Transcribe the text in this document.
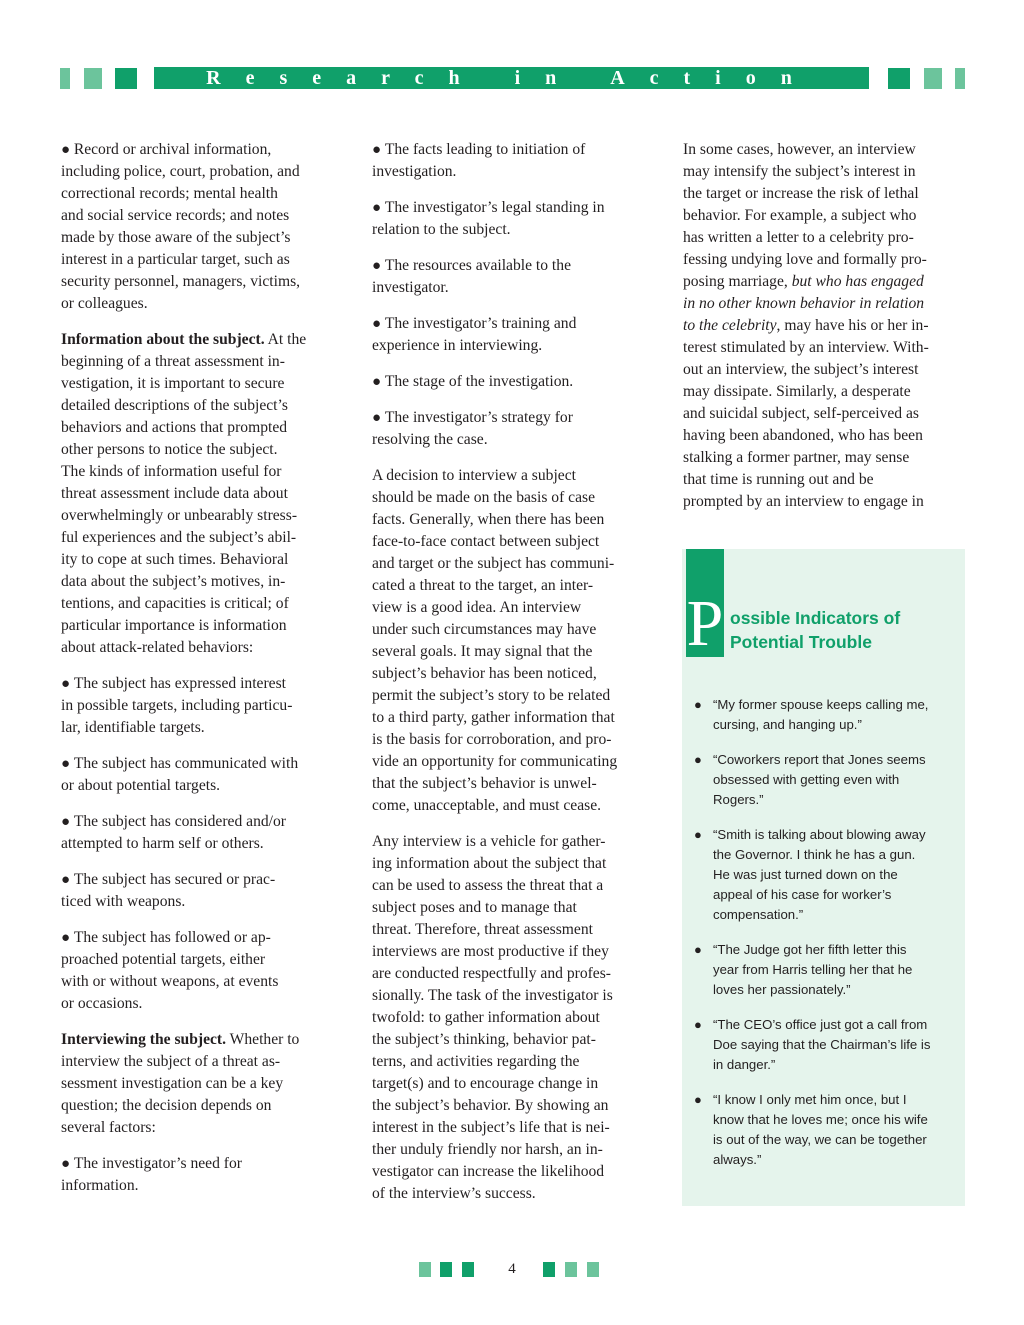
Research in Action

● Record or archival information,
including police, court, probation, and
correctional records; mental health
and social service records; and notes
made by those aware of the subject’s
interest in a particular target, such as
security personnel, managers, victims,
or colleagues.

Information about the subject. At the
beginning of a threat assessment in-
vestigation, it is important to secure
detailed descriptions of the subject’s
behaviors and actions that prompted
other persons to notice the subject.
The kinds of information useful for
threat assessment include data about
overwhelmingly or unbearably stress-
ful experiences and the subject’s abil-
ity to cope at such times. Behavioral
data about the subject’s motives, in-
tentions, and capacities is critical; of
particular importance is information
about attack-related behaviors:

● The subject has expressed interest
in possible targets, including particu-
lar, identifiable targets.

● The subject has communicated with
or about potential targets.

● The subject has considered and/or
attempted to harm self or others.

● The subject has secured or prac-
ticed with weapons.

● The subject has followed or ap-
proached potential targets, either
with or without weapons, at events
or occasions.

Interviewing the subject. Whether to
interview the subject of a threat as-
sessment investigation can be a key
question; the decision depends on
several factors:

● The investigator’s need for
information.

● The facts leading to initiation of
investigation.

● The investigator’s legal standing in
relation to the subject.

● The resources available to the
investigator.

● The investigator’s training and
experience in interviewing.

● The stage of the investigation.

● The investigator’s strategy for
resolving the case.

A decision to interview a subject
should be made on the basis of case
facts. Generally, when there has been
face-to-face contact between subject
and target or the subject has communi-
cated a threat to the target, an inter-
view is a good idea. An interview
under such circumstances may have
several goals. It may signal that the
subject’s behavior has been noticed,
permit the subject’s story to be related
to a third party, gather information that
is the basis for corroboration, and pro-
vide an opportunity for communicating
that the subject’s behavior is unwel-
come, unacceptable, and must cease.

Any interview is a vehicle for gather-
ing information about the subject that
can be used to assess the threat that a
subject poses and to manage that
threat. Therefore, threat assessment
interviews are most productive if they
are conducted respectfully and profes-
sionally. The task of the investigator is
twofold: to gather information about
the subject’s thinking, behavior pat-
terns, and activities regarding the
target(s) and to encourage change in
the subject’s behavior. By showing an
interest in the subject’s life that is nei-
ther unduly friendly nor harsh, an in-
vestigator can increase the likelihood
of the interview’s success.

In some cases, however, an interview
may intensify the subject’s interest in
the target or increase the risk of lethal
behavior. For example, a subject who
has written a letter to a celebrity pro-
fessing undying love and formally pro-
posing marriage, but who has engaged
in no other known behavior in relation
to the celebrity, may have his or her in-
terest stimulated by an interview. With-
out an interview, the subject’s interest
may dissipate. Similarly, a desperate
and suicidal subject, self-perceived as
having been abandoned, who has been
stalking a former partner, may sense
that time is running out and be
prompted by an interview to engage in
P ossible Indicators of
Potential Trouble
● “My former spouse keeps calling me,
cursing, and hanging up.”
● “Coworkers report that Jones seems
obsessed with getting even with
Rogers.”
● “Smith is talking about blowing away
the Governor. I think he has a gun.
He was just turned down on the
appeal of his case for worker’s
compensation.”
● “The Judge got her fifth letter this
year from Harris telling her that he
loves her passionately.”
● “The CEO’s office just got a call from
Doe saying that the Chairman’s life is
in danger.”
● “I know I only met him once, but I
know that he loves me; once his wife
is out of the way, we can be together
always.”
4
